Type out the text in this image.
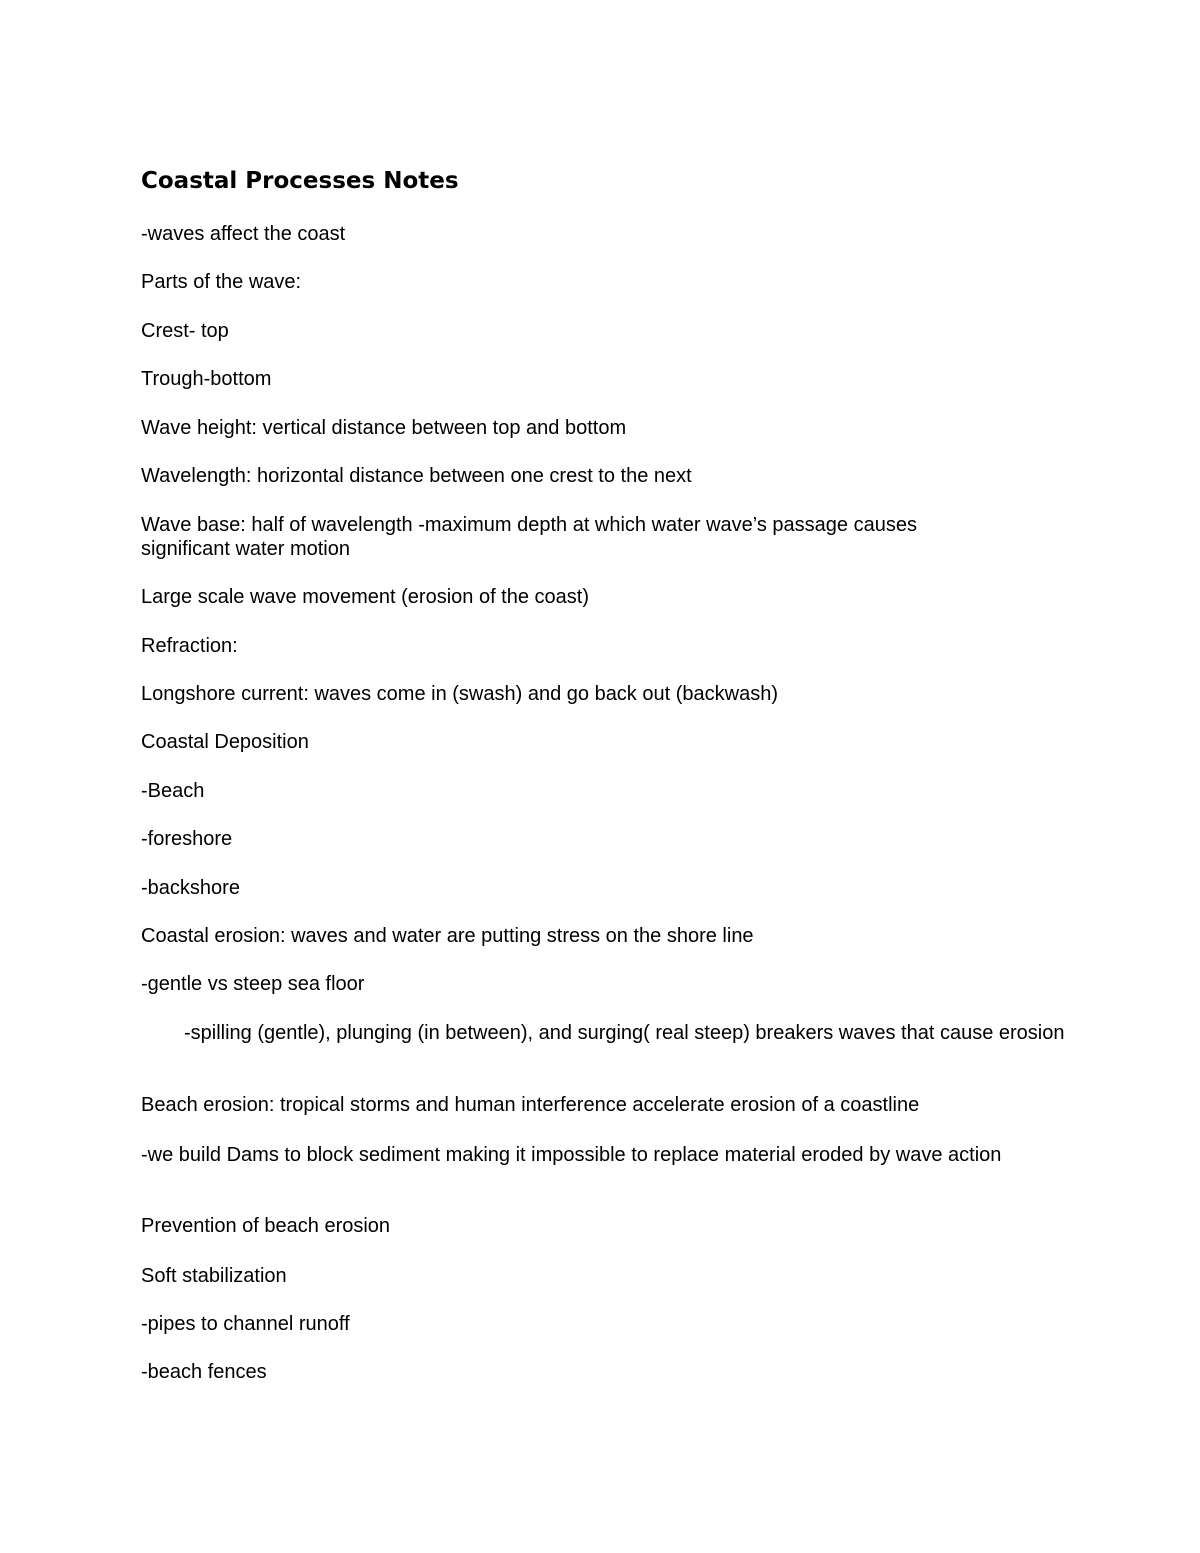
Coastal Processes Notes
-waves affect the coast
Parts of the wave:
Crest- top
Trough-bottom
Wave height: vertical distance between top and bottom
Wavelength: horizontal distance between one crest to the next
Wave base: half of wavelength -maximum depth at which water wave’s passage causes significant water motion
Large scale wave movement (erosion of the coast)
Refraction:
Longshore current: waves come in (swash) and go back out (backwash)
Coastal Deposition
-Beach
-foreshore
-backshore
Coastal erosion: waves and water are putting stress on the shore line
-gentle vs steep sea floor
-spilling (gentle), plunging (in between), and surging( real steep) breakers waves that cause erosion
Beach erosion: tropical storms and human interference accelerate erosion of a coastline
-we build Dams to block sediment making it impossible to replace material eroded by wave action
Prevention of beach erosion
Soft stabilization
-pipes to channel runoff
-beach fences
